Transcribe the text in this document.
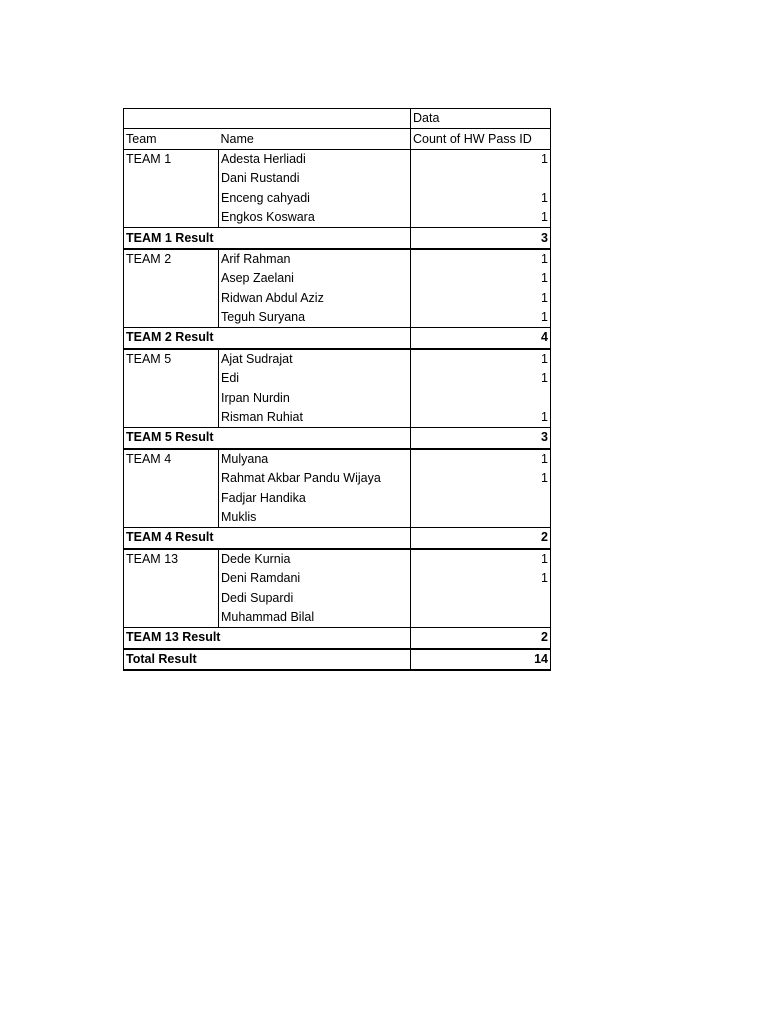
		Data
Team	Name	Count of HW Pass ID
TEAM 1	Adesta Herliadi	1
	Dani Rustandi	
	Enceng cahyadi	1
	Engkos Koswara	1
TEAM 1 Result		3
TEAM 2	Arif Rahman	1
	Asep Zaelani	1
	Ridwan Abdul Aziz	1
	Teguh Suryana	1
TEAM 2 Result		4
TEAM 5	Ajat Sudrajat	1
	Edi	1
	Irpan Nurdin	
	Risman Ruhiat	1
TEAM 5 Result		3
TEAM 4	Mulyana	1
	Rahmat Akbar Pandu Wijaya	1
	Fadjar Handika	
	Muklis	
TEAM 4 Result		2
TEAM 13	Dede Kurnia	1
	Deni Ramdani	1
	Dedi Supardi	
	Muhammad Bilal	
TEAM 13 Result		2
Total Result		14
